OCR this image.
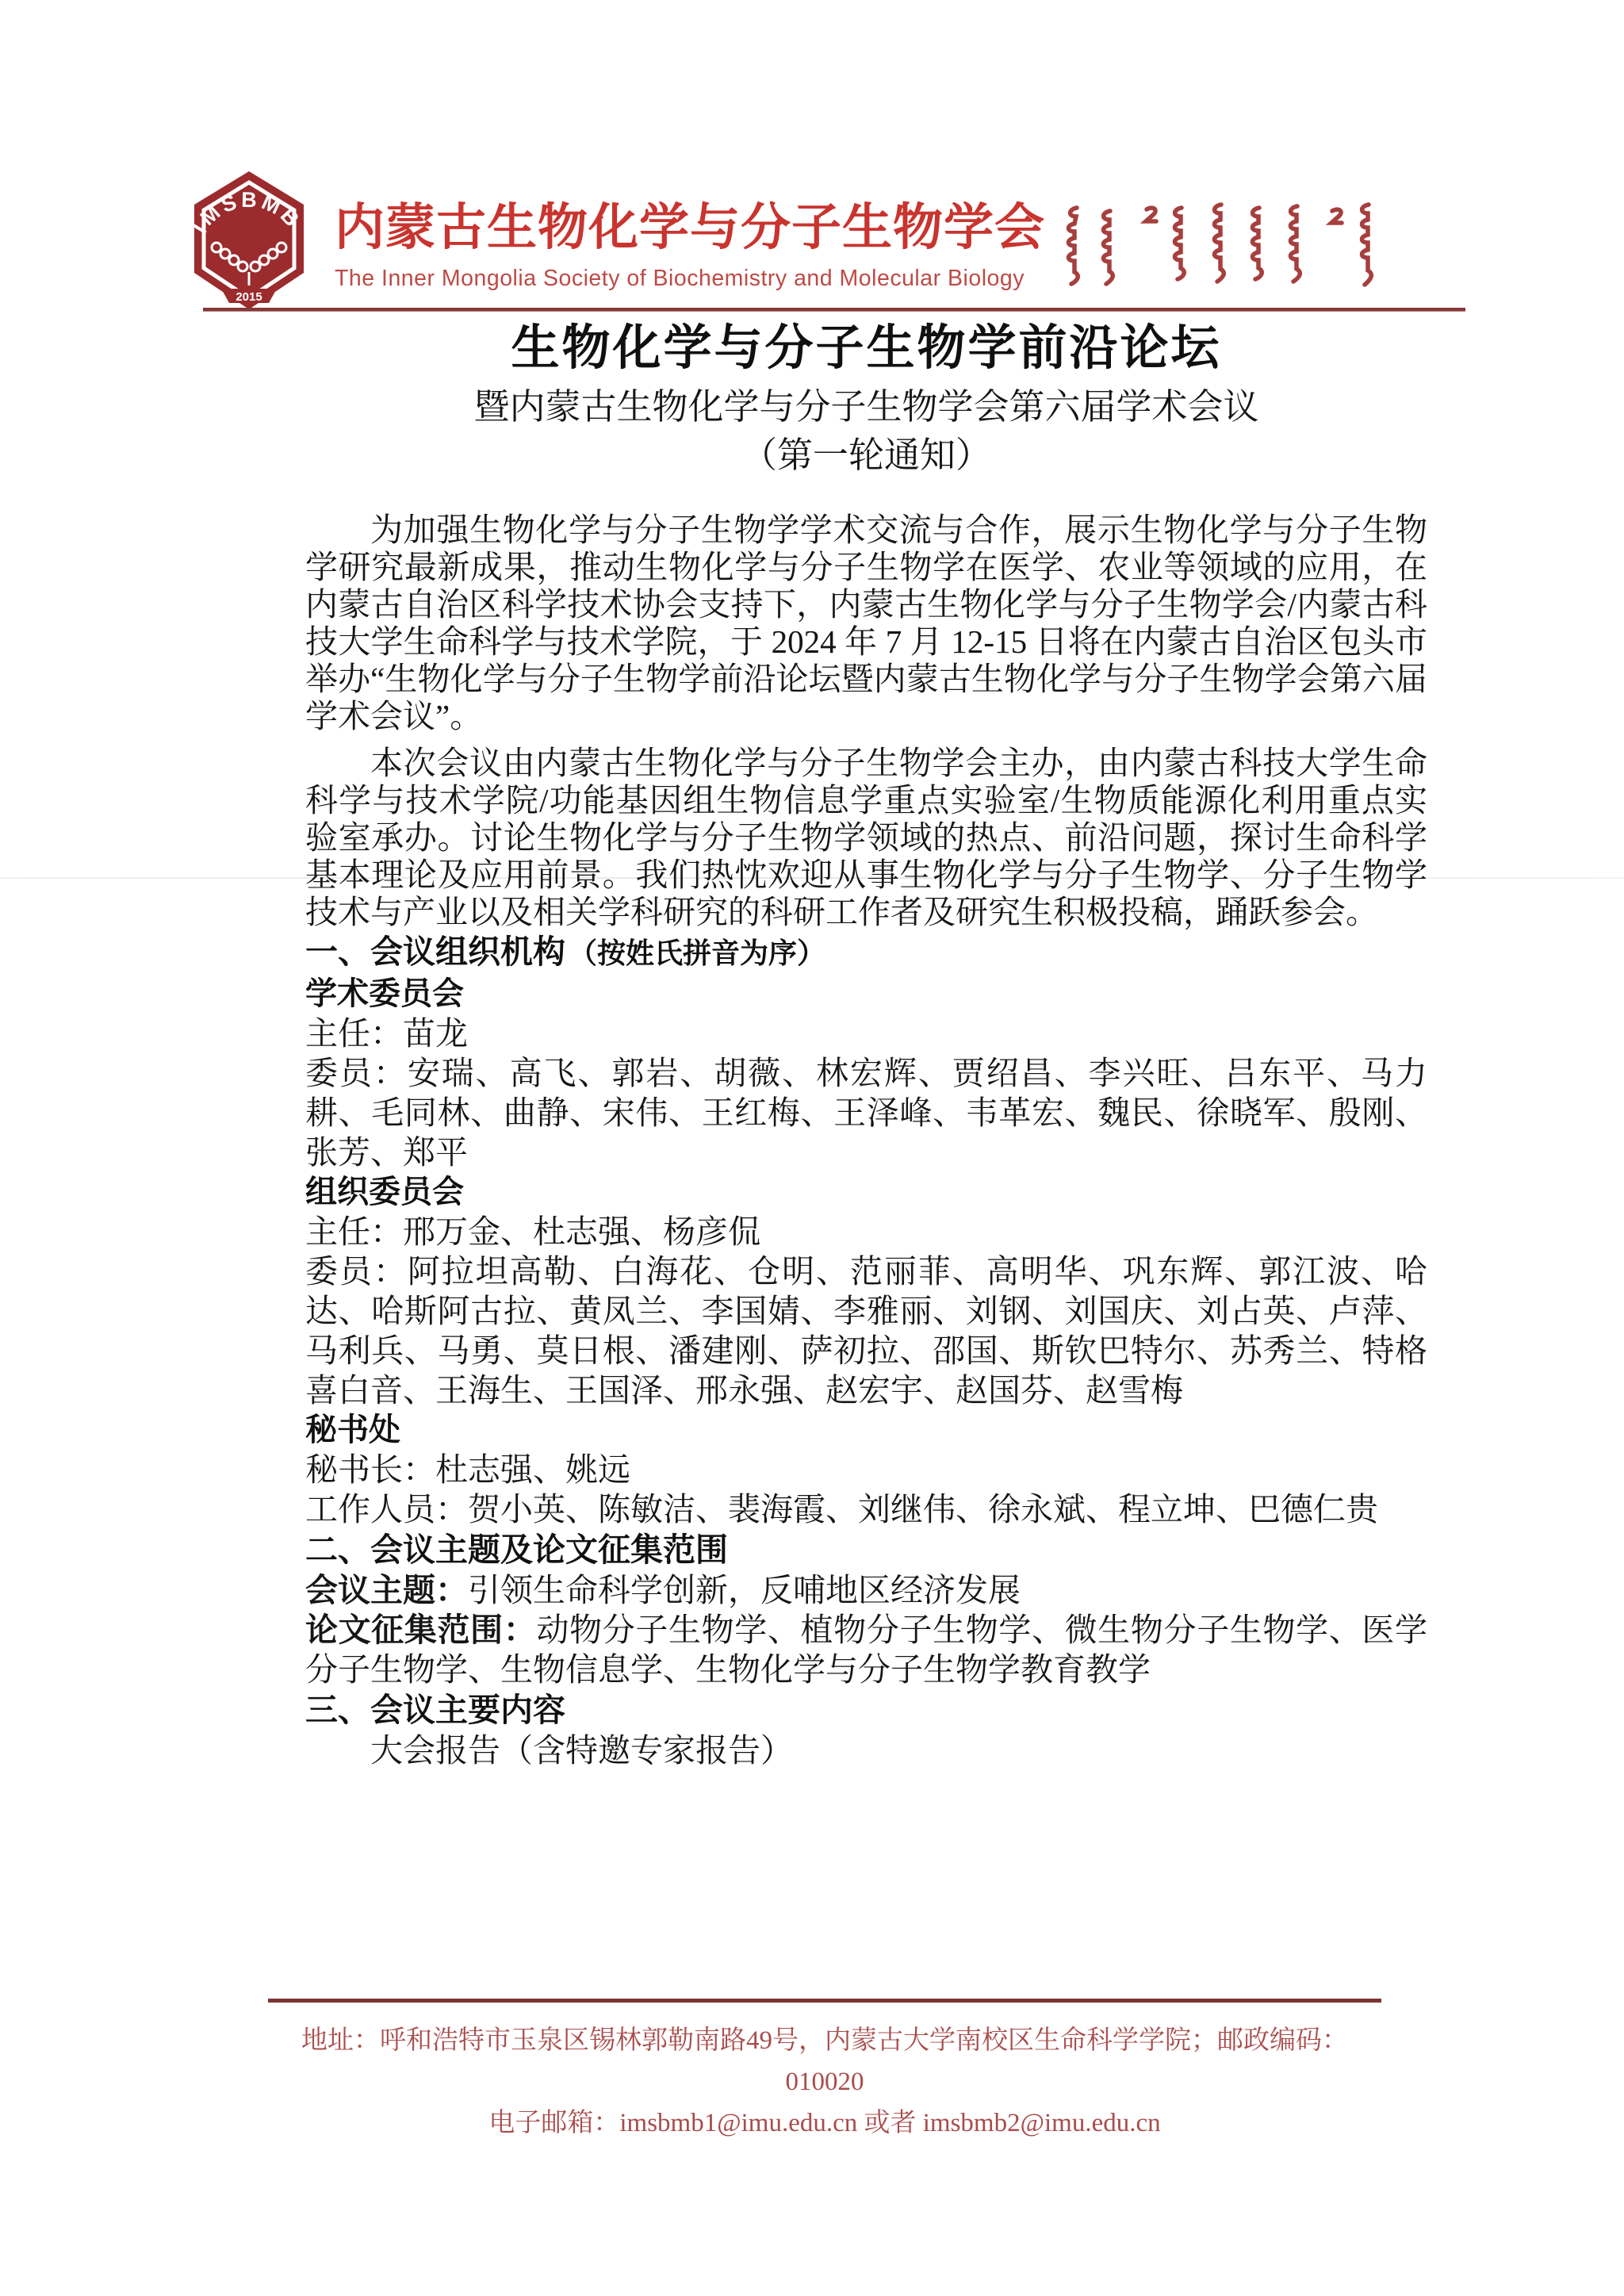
IMSBMB
2015
内蒙古生物化学与分子生物学会
The Inner Mongolia Society of Biochemistry and Molecular Biology
生物化学与分子生物学前沿论坛
暨内蒙古生物化学与分子生物学会第六届学术会议
（第一轮通知）

为加强生物化学与分子生物学学术交流与合作，展示生物化学与分子生物学研究最新成果，推动生物化学与分子生物学在医学、农业等领域的应用，在内蒙古自治区科学技术协会支持下，内蒙古生物化学与分子生物学会/内蒙古科技大学生命科学与技术学院，于 2024 年 7 月 12-15 日将在内蒙古自治区包头市举办“生物化学与分子生物学前沿论坛暨内蒙古生物化学与分子生物学会第六届学术会议”。

本次会议由内蒙古生物化学与分子生物学会主办，由内蒙古科技大学生命科学与技术学院/功能基因组生物信息学重点实验室/生物质能源化利用重点实验室承办。讨论生物化学与分子生物学领域的热点、前沿问题，探讨生命科学基本理论及应用前景。我们热忱欢迎从事生物化学与分子生物学、分子生物学技术与产业以及相关学科研究的科研工作者及研究生积极投稿，踊跃参会。

一、会议组织机构 （按姓氏拼音为序）
学术委员会

主任：苗龙

委员：安瑞、高飞、郭岩、胡薇、林宏辉、贾绍昌、李兴旺、吕东平、马力耕、毛同林、曲静、宋伟、王红梅、王泽峰、韦革宏、魏民、徐晓军、殷刚、张芳、郑平

组织委员会

主任：邢万金、杜志强、杨彦侃

委员：阿拉坦高勒、白海花、仓明、范丽菲、高明华、巩东辉、郭江波、哈达、哈斯阿古拉、黄凤兰、李国婧、李雅丽、刘钢、刘国庆、刘占英、卢萍、马利兵、马勇、莫日根、潘建刚、萨初拉、邵国、斯钦巴特尔、苏秀兰、特格喜白音、王海生、王国泽、邢永强、赵宏宇、赵国芬、赵雪梅

秘书处

秘书长：杜志强、姚远

工作人员：贺小英、陈敏洁、裴海霞、刘继伟、徐永斌、程立坤、巴德仁贵

二、会议主题及论文征集范围

会议主题：引领生命科学创新，反哺地区经济发展

论文征集范围：动物分子生物学、植物分子生物学、微生物分子生物学、医学分子生物学、生物信息学、生物化学与分子生物学教育教学

三、会议主要内容

大会报告（含特邀专家报告）

地址：呼和浩特市玉泉区锡林郭勒南路49号，内蒙古大学南校区生命科学学院；邮政编码：010020
电子邮箱：imsbmb1@imu.edu.cn 或者 imsbmb2@imu.edu.cn
